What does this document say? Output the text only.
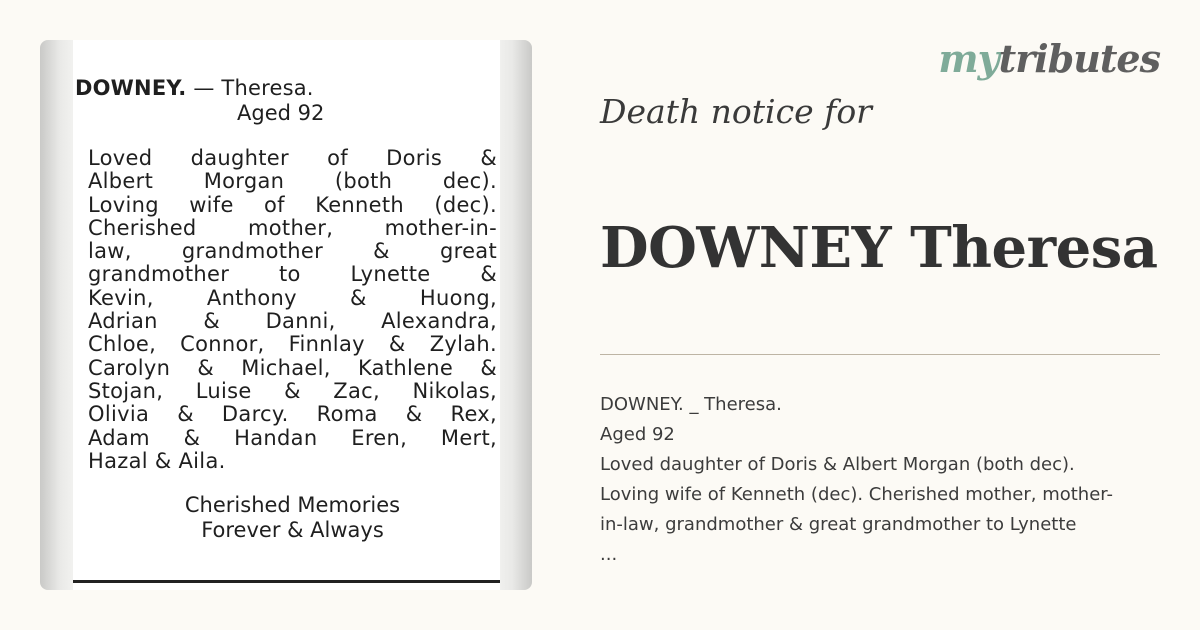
DOWNEY. — Theresa.
Aged 92
Loved daughter of Doris &
Albert Morgan (both dec).
Loving wife of Kenneth (dec).
Cherished mother, mother-in-
law, grandmother & great
grandmother to Lynette &
Kevin, Anthony & Huong,
Adrian & Danni, Alexandra,
Chloe, Connor, Finnlay & Zylah.
Carolyn & Michael, Kathlene &
Stojan, Luise & Zac, Nikolas,
Olivia & Darcy. Roma & Rex,
Adam & Handan Eren, Mert,
Hazal & Aila.
Cherished Memories
Forever & Always
mytributes
Death notice for
DOWNEY Theresa
DOWNEY. _ Theresa.
Aged 92
Loved daughter of Doris & Albert Morgan (both dec).
Loving wife of Kenneth (dec). Cherished mother, mother-
in-law, grandmother & great grandmother to Lynette
...
